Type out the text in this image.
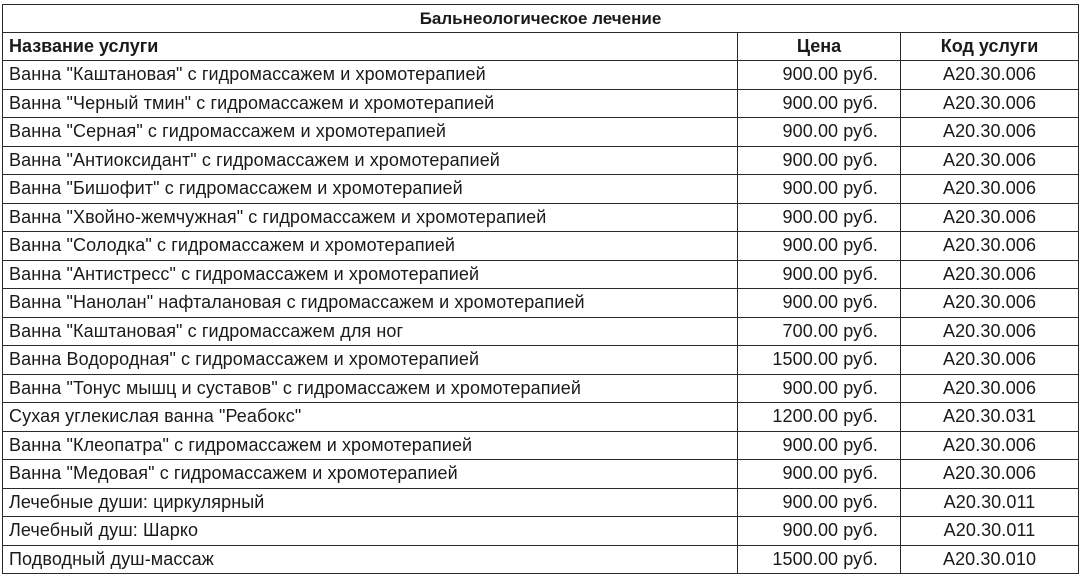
Бальнеологическое лечение		
Название услуги	Цена	Код услуги
Ванна "Каштановая" с гидромассажем и хромотерапией	900.00 руб.	A20.30.006
Ванна "Черный тмин" с гидромассажем и хромотерапией	900.00 руб.	A20.30.006
Ванна "Серная" с гидромассажем и хромотерапией	900.00 руб.	A20.30.006
Ванна "Антиоксидант" с гидромассажем и хромотерапией	900.00 руб.	A20.30.006
Ванна "Бишофит" с гидромассажем и хромотерапией	900.00 руб.	A20.30.006
Ванна "Хвойно-жемчужная" с гидромассажем и хромотерапией	900.00 руб.	A20.30.006
Ванна "Солодка" с гидромассажем и хромотерапией	900.00 руб.	A20.30.006
Ванна "Антистресс" с гидромассажем и хромотерапией	900.00 руб.	A20.30.006
Ванна "Нанолан" нафталановая с гидромассажем и хромотерапией	900.00 руб.	A20.30.006
Ванна "Каштановая" с гидромассажем для ног	700.00 руб.	A20.30.006
Ванна Водородная" с гидромассажем и хромотерапией	1500.00 руб.	A20.30.006
Ванна "Тонус мышц и суставов" с гидромассажем и хромотерапией	900.00 руб.	A20.30.006
Сухая углекислая ванна "Реабокс"	1200.00 руб.	A20.30.031
Ванна "Клеопатра" с гидромассажем и хромотерапией	900.00 руб.	A20.30.006
Ванна "Медовая" с гидромассажем и хромотерапией	900.00 руб.	A20.30.006
Лечебные души: циркулярный	900.00 руб.	A20.30.011
Лечебный душ: Шарко	900.00 руб.	A20.30.011
Подводный душ-массаж	1500.00 руб.	A20.30.010
